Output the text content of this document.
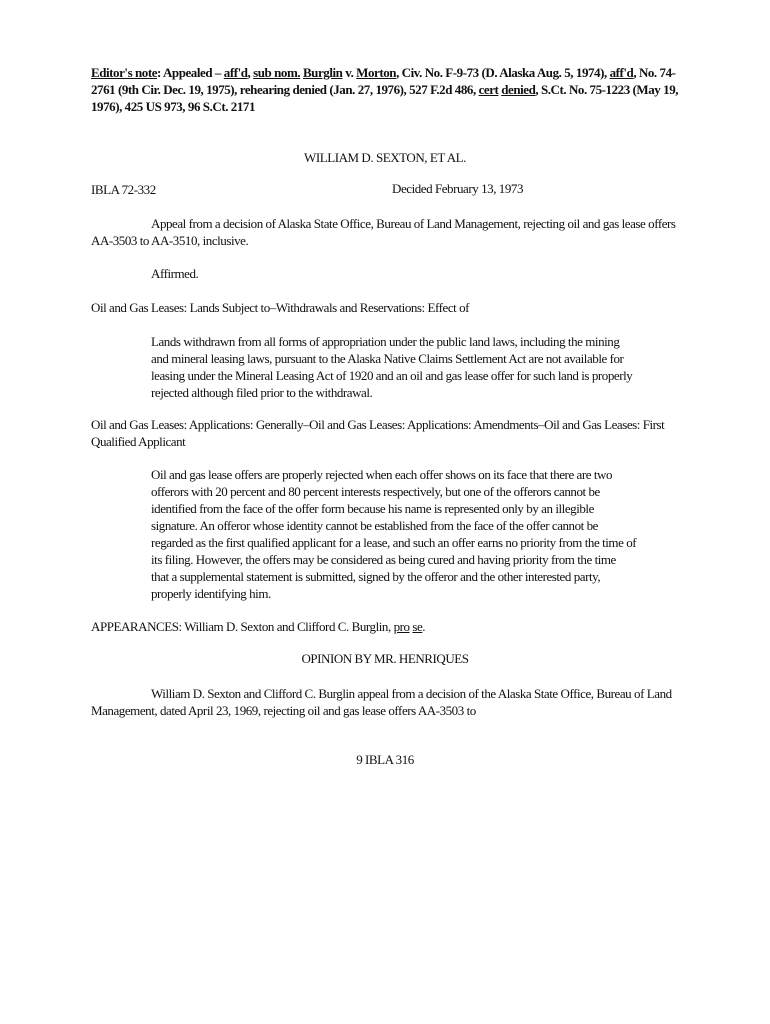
Editor's note: Appealed – aff'd, sub nom. Burglin v. Morton, Civ. No. F-9-73 (D. Alaska Aug. 5, 1974), aff'd, No. 74-2761 (9th Cir. Dec. 19, 1975), rehearing denied (Jan. 27, 1976), 527 F.2d 486, cert denied, S.Ct. No. 75-1223 (May 19, 1976), 425 US 973, 96 S.Ct. 2171
WILLIAM D. SEXTON, ET AL.
IBLA 72-332	Decided February 13, 1973
Appeal from a decision of Alaska State Office, Bureau of Land Management, rejecting oil and gas lease offers AA-3503 to AA-3510, inclusive.
Affirmed.
Oil and Gas Leases: Lands Subject to–Withdrawals and Reservations: Effect of
Lands withdrawn from all forms of appropriation under the public land laws, including the mining
and mineral leasing laws, pursuant to the Alaska Native Claims Settlement Act are not available for
leasing under the Mineral Leasing Act of 1920 and an oil and gas lease offer for such land is properly
rejected although filed prior to the withdrawal.
Oil and Gas Leases: Applications: Generally–Oil and Gas Leases: Applications: Amendments–Oil and Gas Leases: First Qualified Applicant
Oil and gas lease offers are properly rejected when each offer shows on its face that there are two
offerors with 20 percent and 80 percent interests respectively, but one of the offerors cannot be
identified from the face of the offer form because his name is represented only by an illegible
signature. An offeror whose identity cannot be established from the face of the offer cannot be
regarded as the first qualified applicant for a lease, and such an offer earns no priority from the time of
its filing. However, the offers may be considered as being cured and having priority from the time
that a supplemental statement is submitted, signed by the offeror and the other interested party,
properly identifying him.
APPEARANCES: William D. Sexton and Clifford C. Burglin, pro se.
OPINION BY MR. HENRIQUES
William D. Sexton and Clifford C. Burglin appeal from a decision of the Alaska State Office, Bureau of Land Management, dated April 23, 1969, rejecting oil and gas lease offers AA-3503 to
9 IBLA 316
